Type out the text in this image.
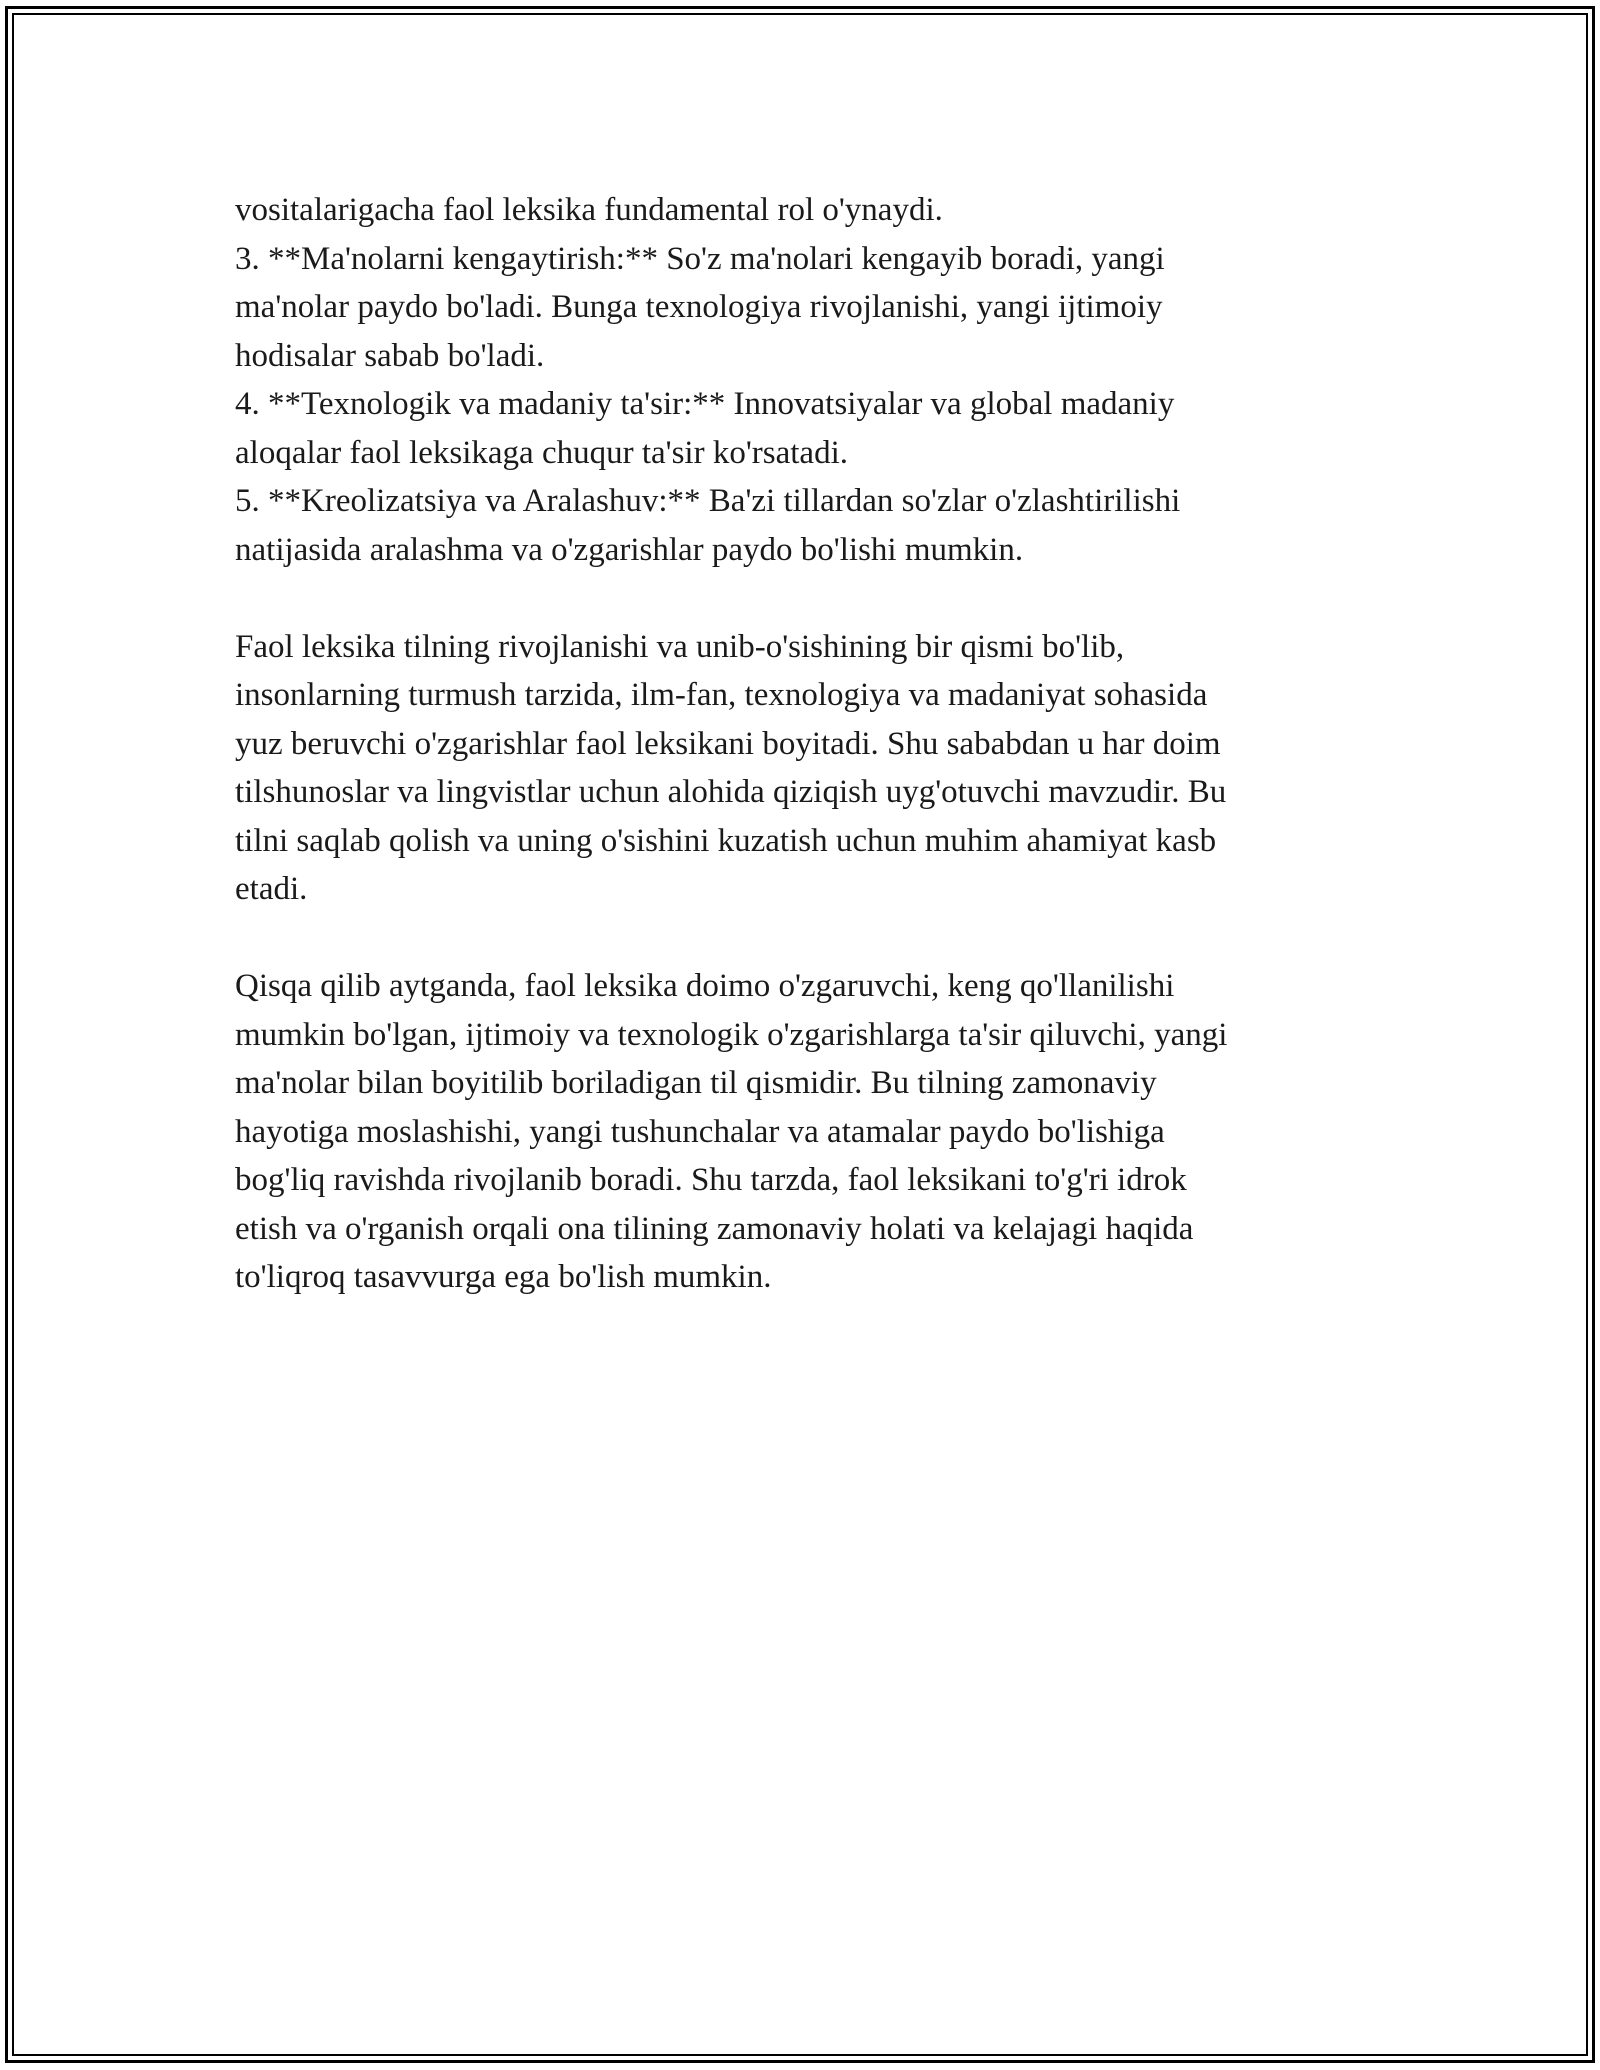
vositalarigacha faol leksika fundamental rol o'ynaydi.

3. **Ma'nolarni kengaytirish:** So'z ma'nolari kengayib boradi, yangi

ma'nolar paydo bo'ladi. Bunga texnologiya rivojlanishi, yangi ijtimoiy

hodisalar sabab bo'ladi.

4. **Texnologik va madaniy ta'sir:** Innovatsiyalar va global madaniy

aloqalar faol leksikaga chuqur ta'sir ko'rsatadi.

5. **Kreolizatsiya va Aralashuv:** Ba'zi tillardan so'zlar o'zlashtirilishi

natijasida aralashma va o'zgarishlar paydo bo'lishi mumkin.

Faol leksika tilning rivojlanishi va unib-o'sishining bir qismi bo'lib,

insonlarning turmush tarzida, ilm-fan, texnologiya va madaniyat sohasida

yuz beruvchi o'zgarishlar faol leksikani boyitadi. Shu sababdan u har doim

tilshunoslar va lingvistlar uchun alohida qiziqish uyg'otuvchi mavzudir. Bu

tilni saqlab qolish va uning o'sishini kuzatish uchun muhim ahamiyat kasb

etadi.

Qisqa qilib aytganda, faol leksika doimo o'zgaruvchi, keng qo'llanilishi

mumkin bo'lgan, ijtimoiy va texnologik o'zgarishlarga ta'sir qiluvchi, yangi

ma'nolar bilan boyitilib boriladigan til qismidir. Bu tilning zamonaviy

hayotiga moslashishi, yangi tushunchalar va atamalar paydo bo'lishiga

bog'liq ravishda rivojlanib boradi. Shu tarzda, faol leksikani to'g'ri idrok

etish va o'rganish orqali ona tilining zamonaviy holati va kelajagi haqida

to'liqroq tasavvurga ega bo'lish mumkin.
